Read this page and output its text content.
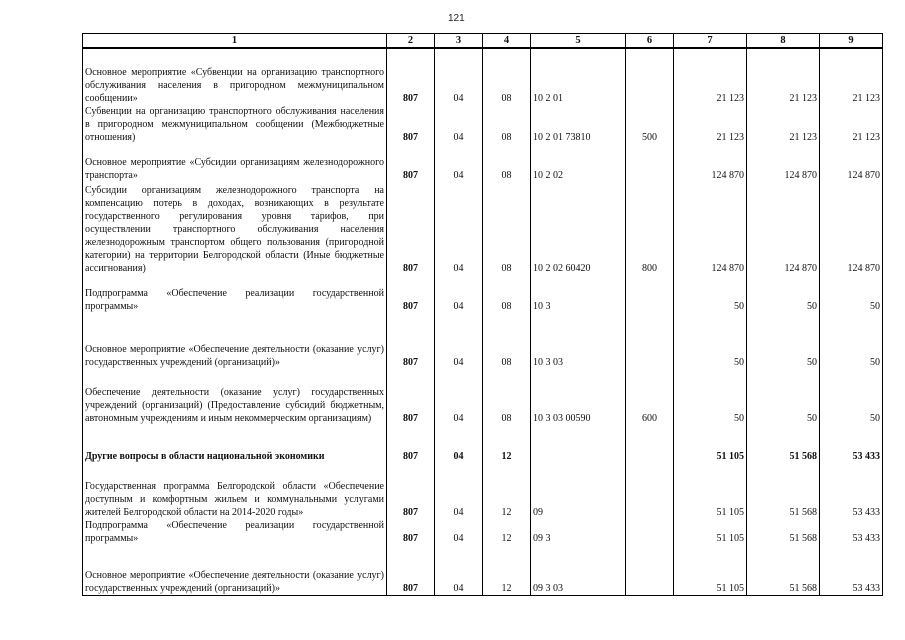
121
1	2	3	4	5	6	7	8	9
Основное мероприятие «Субвенции на организацию транспортного обслуживания населения в пригородном межмуниципальном сообщении»	807	04	08	10 2 01		21 123	21 123	21 123
Субвенции на организацию транспортного обслуживания населения в пригородном межмуниципальном сообщении (Межбюджетные отношения)	807	04	08	10 2 01 73810	500	21 123	21 123	21 123
Основное мероприятие «Субсидии организациям железнодорожного транспорта»	807	04	08	10 2 02		124 870	124 870	124 870
Субсидии организациям железнодорожного транспорта на компенсацию потерь в доходах, возникающих в результате государственного регулирования уровня тарифов, при осуществлении транспортного обслуживания населения железнодорожным транспортом общего пользования (пригородной категории) на территории Белгородской области (Иные бюджетные ассигнования)	807	04	08	10 2 02 60420	800	124 870	124 870	124 870
Подпрограмма «Обеспечение реализации государственной программы»	807	04	08	10 3		50	50	50
Основное мероприятие «Обеспечение деятельности (оказание услуг) государственных учреждений (организаций)»	807	04	08	10 3 03		50	50	50
Обеспечение деятельности (оказание услуг) государственных учреждений (организаций) (Предоставление субсидий бюджетным, автономным учреждениям и иным некоммерческим организациям)	807	04	08	10 3 03 00590	600	50	50	50
Другие вопросы в области национальной экономики	807	04	12			51 105	51 568	53 433
Государственная программа Белгородской области «Обеспечение доступным и комфортным жильем и коммунальными услугами жителей Белгородской области на 2014-2020 годы»	807	04	12	09		51 105	51 568	53 433
Подпрограмма «Обеспечение реализации государственной программы»	807	04	12	09 3		51 105	51 568	53 433
Основное мероприятие «Обеспечение деятельности (оказание услуг) государственных учреждений (организаций)»	807	04	12	09 3 03		51 105	51 568	53 433
